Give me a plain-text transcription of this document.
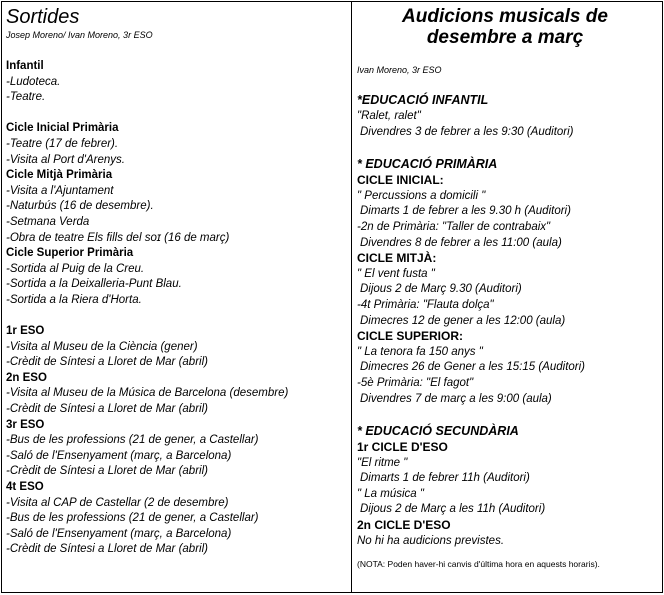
Sortides

Josep Moreno/ Ivan Moreno, 3r ESO

Infantil

-Ludoteca.

-Teatre.

Cicle Inicial Primària

-Teatre (17 de febrer).

-Visita al Port d'Arenys.

Cicle Mitjà Primària

-Visita a l'Ajuntament

-Naturbús (16 de desembre).

-Setmana Verda

-Obra de teatre Els fills del soɪ (16 de març)

Cicle Superior Primària

-Sortida al Puig de la Creu.

-Sortida a la Deixalleria-Punt Blau.

-Sortida a la Riera d'Horta.

1r ESO

-Visita al Museu de la Ciència (gener)

-Crèdit de Síntesi a Lloret de Mar (abril)

2n ESO

-Visita al Museu de la Música de Barcelona (desembre)

-Crèdit de Síntesi a Lloret de Mar (abril)

3r ESO

-Bus de les professions (21 de gener, a Castellar)

-Saló de l'Ensenyament (març, a Barcelona)

-Crèdit de Síntesi a Lloret de Mar (abril)

4t ESO

-Visita al CAP de Castellar (2 de desembre)

-Bus de les professions (21 de gener, a Castellar)

-Saló de l'Ensenyament (març, a Barcelona)

-Crèdit de Síntesi a Lloret de Mar (abril)

Audicions musicals de

desembre a març

Ivan Moreno, 3r ESO

*EDUCACIÓ INFANTIL

"Ralet, ralet"

Divendres 3 de febrer a les 9:30 (Auditori)

* EDUCACIÓ PRIMÀRIA

CICLE INICIAL:

" Percussions a domicili "

Dimarts 1 de febrer a les 9.30 h (Auditori)

-2n de Primària: "Taller de contrabaix"

Divendres 8 de febrer a les 11:00 (aula)

CICLE MITJÀ:

" El vent fusta "

Dijous 2 de Març 9.30 (Auditori)

-4t Primària: "Flauta dolça"

Dimecres 12 de gener a les 12:00 (aula)

CICLE SUPERIOR:

" La tenora fa 150 anys "

Dimecres 26 de Gener a les 15:15 (Auditori)

-5è Primària: "El fagot"

Divendres 7 de març a les 9:00 (aula)

* EDUCACIÓ SECUNDÀRIA

1r CICLE D'ESO

"El ritme "

Dimarts 1 de febrer 11h (Auditori)

" La música "

Dijous 2 de Març a les 11h (Auditori)

2n CICLE D'ESO

No hi ha audicions previstes.

(NOTA: Poden haver-hi canvis d'última hora en aquests horaris).
